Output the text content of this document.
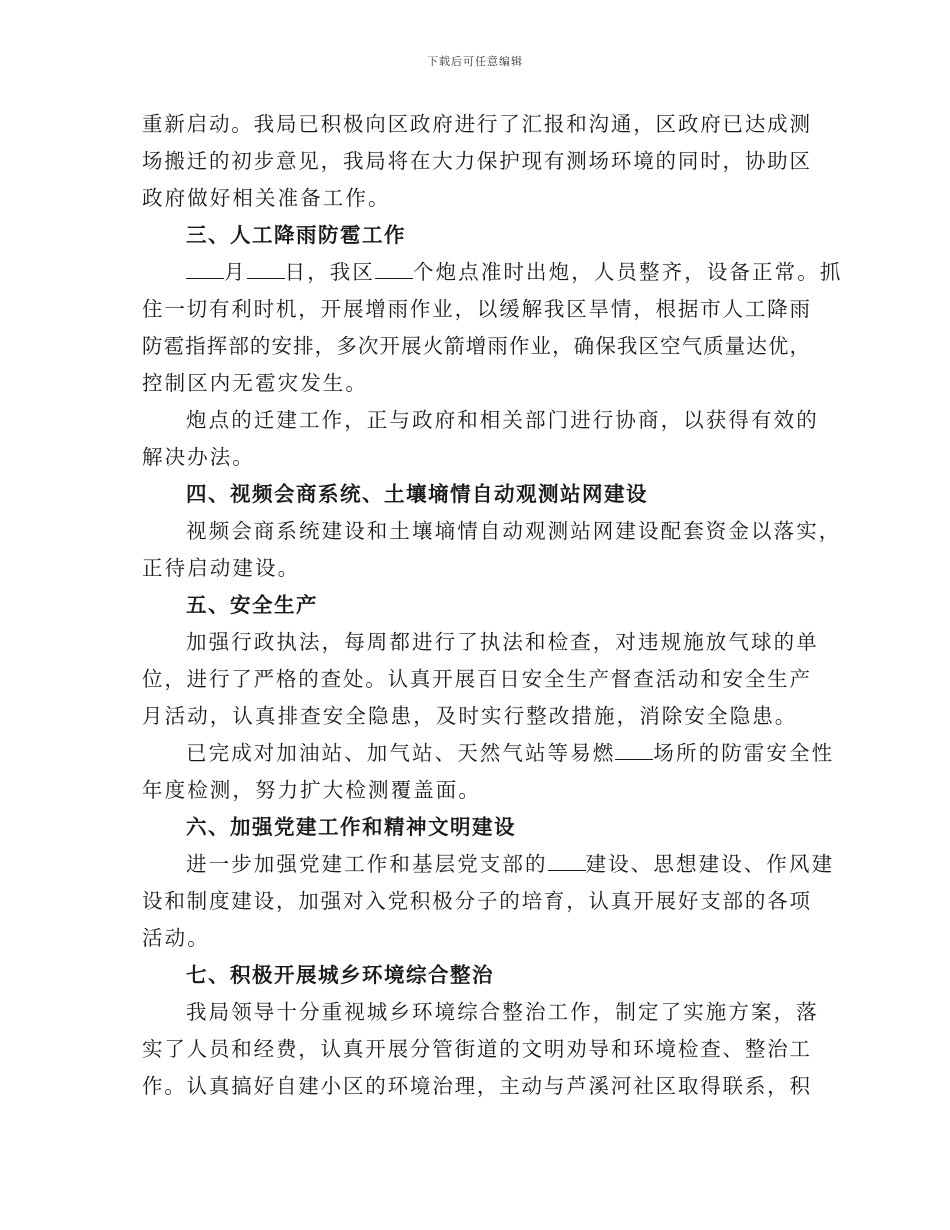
下载后可任意编辑
重新启动。我局已积极向区政府进行了汇报和沟通，区政府已达成测
场搬迁的初步意见，我局将在大力保护现有测场环境的同时，协助区
政府做好相关准备工作。
三、人工降雨防雹工作
月 日，我区 个炮点准时出炮，人员整齐，设备正常。抓
住一切有利时机，开展增雨作业，以缓解我区旱情，根据市人工降雨
防雹指挥部的安排，多次开展火箭增雨作业，确保我区空气质量达优，
控制区内无雹灾发生。
炮点的迁建工作，正与政府和相关部门进行协商，以获得有效的
解决办法。
四、视频会商系统、土壤墒情自动观测站网建设
视频会商系统建设和土壤墒情自动观测站网建设配套资金以落实，
正待启动建设。
五、安全生产
加强行政执法，每周都进行了执法和检查，对违规施放气球的单
位，进行了严格的查处。认真开展百日安全生产督查活动和安全生产
月活动，认真排查安全隐患，及时实行整改措施，消除安全隐患。
已完成对加油站、加气站、天然气站等易燃 场所的防雷安全性
年度检测，努力扩大检测覆盖面。
六、加强党建工作和精神文明建设
进一步加强党建工作和基层党支部的 建设、思想建设、作风建
设和制度建设，加强对入党积极分子的培育，认真开展好支部的各项
活动。
七、积极开展城乡环境综合整治
我局领导十分重视城乡环境综合整治工作，制定了实施方案，落
实了人员和经费，认真开展分管街道的文明劝导和环境检查、整治工
作。认真搞好自建小区的环境治理，主动与芦溪河社区取得联系，积
